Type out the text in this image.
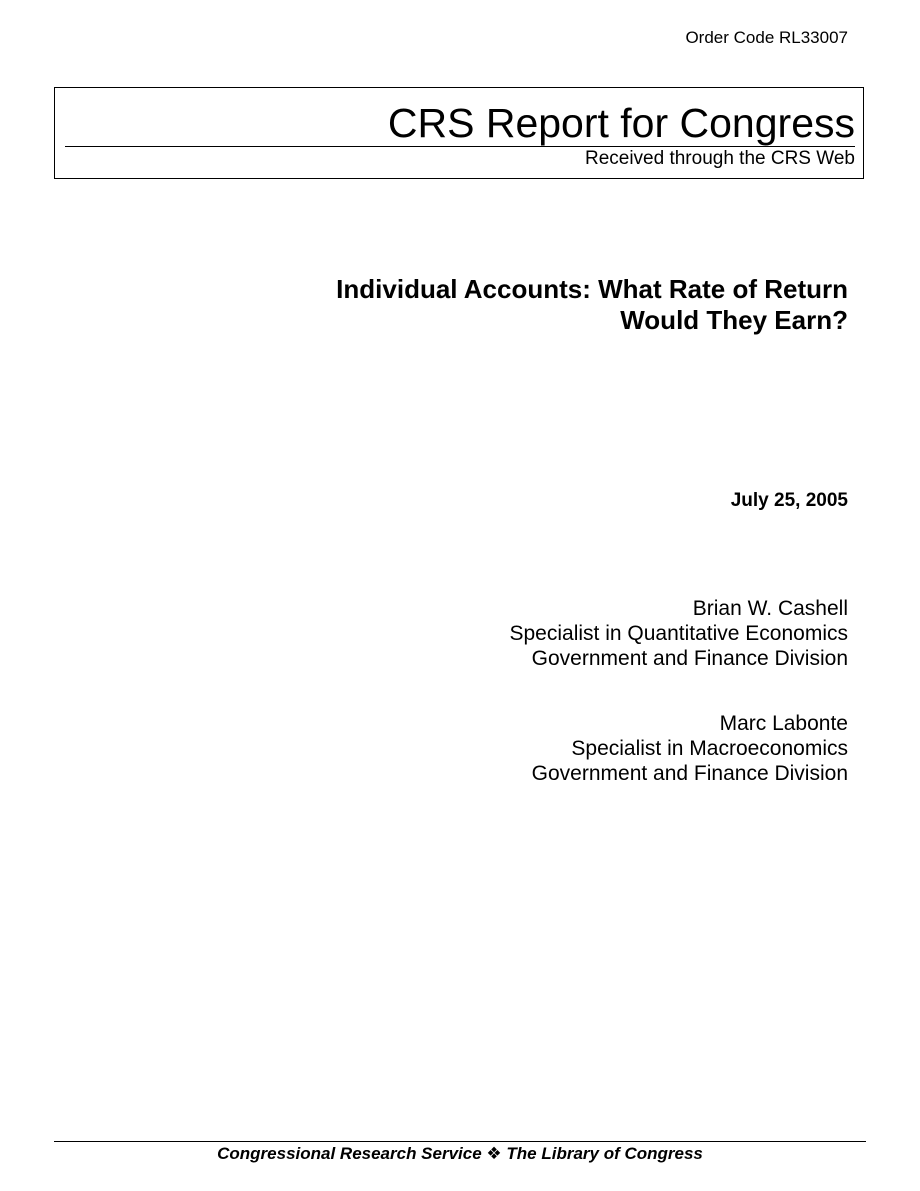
Order Code RL33007
CRS Report for Congress
Received through the CRS Web
Individual Accounts: What Rate of Return
Would They Earn?
July 25, 2005
Brian W. Cashell
Specialist in Quantitative Economics
Government and Finance Division
Marc Labonte
Specialist in Macroeconomics
Government and Finance Division
Congressional Research Service ❖ The Library of Congress
